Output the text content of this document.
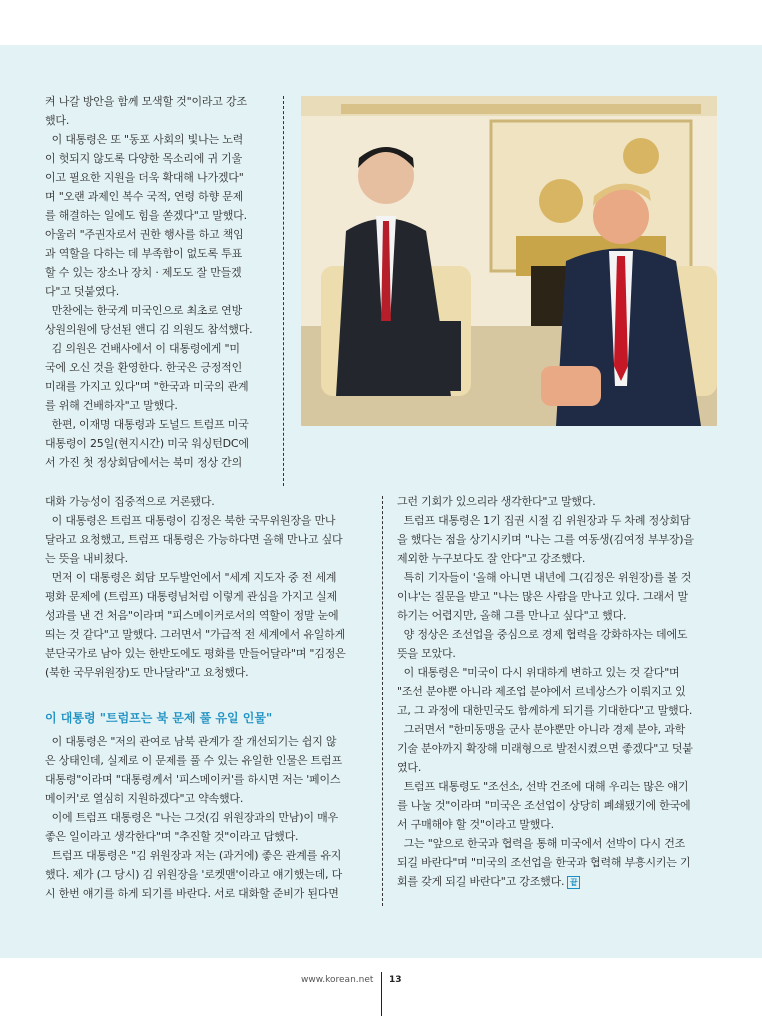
켜 나갈 방안을 함께 모색할 것"이라고 강조

했다.

이 대통령은 또 "동포 사회의 빛나는 노력

이 헛되지 않도록 다양한 목소리에 귀 기울

이고 필요한 지원을 더욱 확대해 나가겠다"

며 "오랜 과제인 복수 국적, 연령 하향 문제

를 해결하는 일에도 힘을 쏟겠다"고 말했다.

아울러 "주권자로서 권한 행사를 하고 책임

과 역할을 다하는 데 부족함이 없도록 투표

할 수 있는 장소나 장치 · 제도도 잘 만들겠

다"고 덧붙였다.

만찬에는 한국계 미국인으로 최초로 연방

상원의원에 당선된 앤디 김 의원도 참석했다.

김 의원은 건배사에서 이 대통령에게 "미

국에 오신 것을 환영한다. 한국은 긍정적인

미래를 가지고 있다"며 "한국과 미국의 관계

를 위해 건배하자"고 말했다.

한편, 이재명 대통령과 도널드 트럼프 미국

대통령이 25일(현지시간) 미국 워싱턴DC에

서 가진 첫 정상회담에서는 북미 정상 간의

대화 가능성이 집중적으로 거론됐다.

이 대통령은 트럼프 대통령이 김정은 북한 국무위원장을 만나

달라고 요청했고, 트럼프 대통령은 가능하다면 올해 만나고 싶다

는 뜻을 내비쳤다.

먼저 이 대통령은 회담 모두발언에서 "세계 지도자 중 전 세계

평화 문제에 (트럼프) 대통령님처럼 이렇게 관심을 가지고 실제

성과를 낸 건 처음"이라며 "피스메이커로서의 역할이 정말 눈에

띄는 것 같다"고 말했다. 그러면서 "가급적 전 세계에서 유일하게

분단국가로 남아 있는 한반도에도 평화를 만들어달라"며 "김정은

(북한 국무위원장)도 만나달라"고 요청했다.

이 대통령 "트럼프는 북 문제 풀 유일 인물"

이 대통령은 "저의 관여로 남북 관계가 잘 개선되기는 쉽지 않

은 상태인데, 실제로 이 문제를 풀 수 있는 유일한 인물은 트럼프

대통령"이라며 "대통령께서 '피스메이커'를 하시면 저는 '페이스

메이커'로 열심히 지원하겠다"고 약속했다.

이에 트럼프 대통령은 "나는 그것(김 위원장과의 만남)이 매우

좋은 일이라고 생각한다"며 "추진할 것"이라고 답했다.

트럼프 대통령은 "김 위원장과 저는 (과거에) 좋은 관계를 유지

했다. 제가 (그 당시) 김 위원장을 '로켓맨'이라고 얘기했는데, 다

시 한번 얘기를 하게 되기를 바란다. 서로 대화할 준비가 된다면

그런 기회가 있으리라 생각한다"고 말했다.

트럼프 대통령은 1기 집권 시절 김 위원장과 두 차례 정상회담

을 했다는 점을 상기시키며 "나는 그를 여동생(김여정 부부장)을

제외한 누구보다도 잘 안다"고 강조했다.

특히 기자들이 '올해 아니면 내년에 그(김정은 위원장)를 볼 것

이냐'는 질문을 받고 "나는 많은 사람을 만나고 있다. 그래서 말

하기는 어렵지만, 올해 그를 만나고 싶다"고 했다.

양 정상은 조선업을 중심으로 경제 협력을 강화하자는 데에도

뜻을 모았다.

이 대통령은 "미국이 다시 위대하게 변하고 있는 것 같다"며

"조선 분야뿐 아니라 제조업 분야에서 르네상스가 이뤄지고 있

고, 그 과정에 대한민국도 함께하게 되기를 기대한다"고 말했다.

그러면서 "한미동맹을 군사 분야뿐만 아니라 경제 분야, 과학

기술 분야까지 확장해 미래형으로 발전시켰으면 좋겠다"고 덧붙

였다.

트럼프 대통령도 "조선소, 선박 건조에 대해 우리는 많은 얘기

를 나눌 것"이라며 "미국은 조선업이 상당히 폐쇄됐기에 한국에

서 구매해야 할 것"이라고 말했다.

그는 "앞으로 한국과 협력을 통해 미국에서 선박이 다시 건조

되길 바란다"며 "미국의 조선업을 한국과 협력해 부흥시키는 기

회를 갖게 되길 바란다"고 강조했다. 끝

www.korean.net 13
